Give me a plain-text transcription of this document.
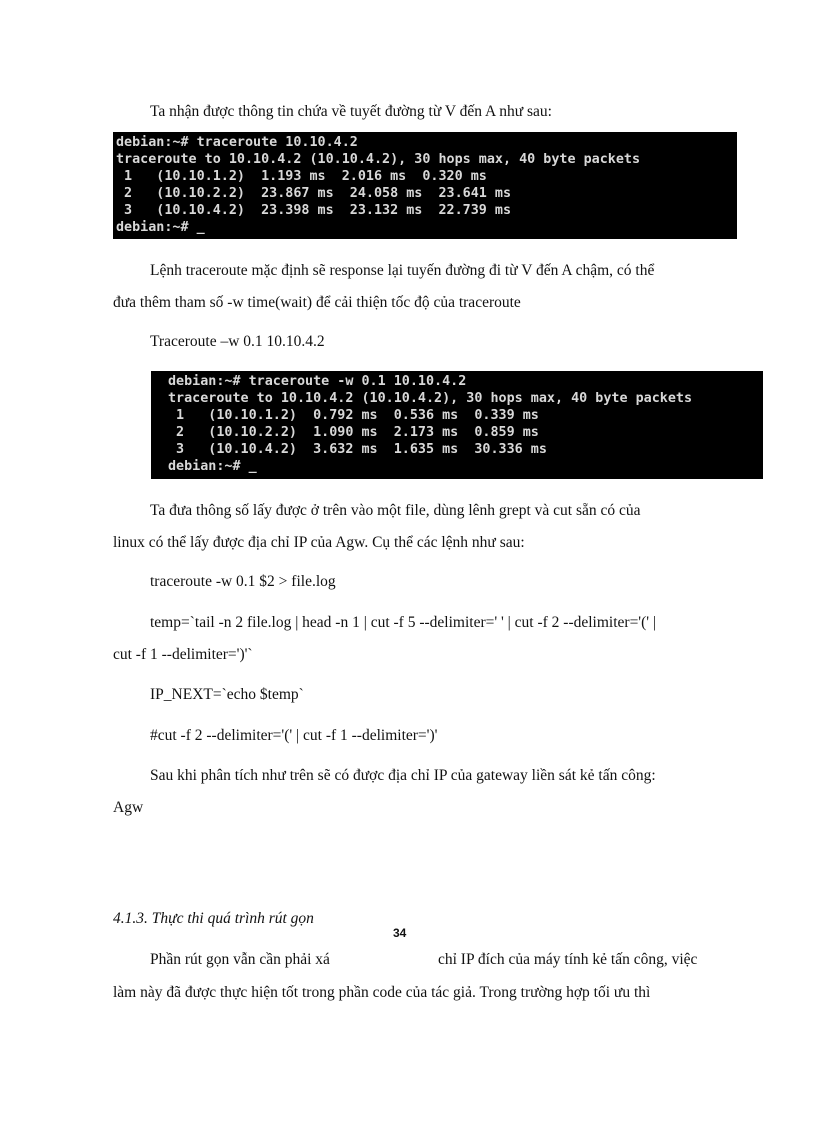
Ta nhận được thông tin chứa về tuyết đường từ V đến A như sau:
debian:~# traceroute 10.10.4.2
traceroute to 10.10.4.2 (10.10.4.2), 30 hops max, 40 byte packets
1   (10.10.1.2)  1.193 ms  2.016 ms  0.320 ms
2   (10.10.2.2)  23.867 ms  24.058 ms  23.641 ms
3   (10.10.4.2)  23.398 ms  23.132 ms  22.739 ms
debian:~# _
Lệnh traceroute mặc định sẽ response lại tuyến đường đi từ V đến A chậm, có thể
đưa thêm tham số -w time(wait) để cải thiện tốc độ của traceroute
Traceroute –w 0.1 10.10.4.2
debian:~# traceroute -w 0.1 10.10.4.2
traceroute to 10.10.4.2 (10.10.4.2), 30 hops max, 40 byte packets
1   (10.10.1.2)  0.792 ms  0.536 ms  0.339 ms
2   (10.10.2.2)  1.090 ms  2.173 ms  0.859 ms
3   (10.10.4.2)  3.632 ms  1.635 ms  30.336 ms
debian:~# _
Ta đưa thông số lấy được ở trên vào một file, dùng lênh grept và cut sẵn có của
linux có thể lấy được địa chỉ IP của Agw. Cụ thể các lệnh như sau:
traceroute -w 0.1 $2 > file.log
temp=`tail -n 2 file.log | head -n 1 | cut -f 5 --delimiter=' ' | cut -f 2 --delimiter='(' |
cut -f 1 --delimiter=')'`
IP_NEXT=`echo $temp`
#cut -f 2 --delimiter='(' | cut -f 1 --delimiter=')'
Sau khi phân tích như trên sẽ có được địa chỉ IP của gateway liền sát kẻ tấn công:
Agw
4.1.3. Thực thi quá trình rút gọn
34
Phần rút gọn vẫn cần phải xá	chỉ IP đích của máy tính kẻ tấn công, việc
làm này đã được thực hiện tốt trong phần code của tác giả. Trong trường hợp tối ưu thì
